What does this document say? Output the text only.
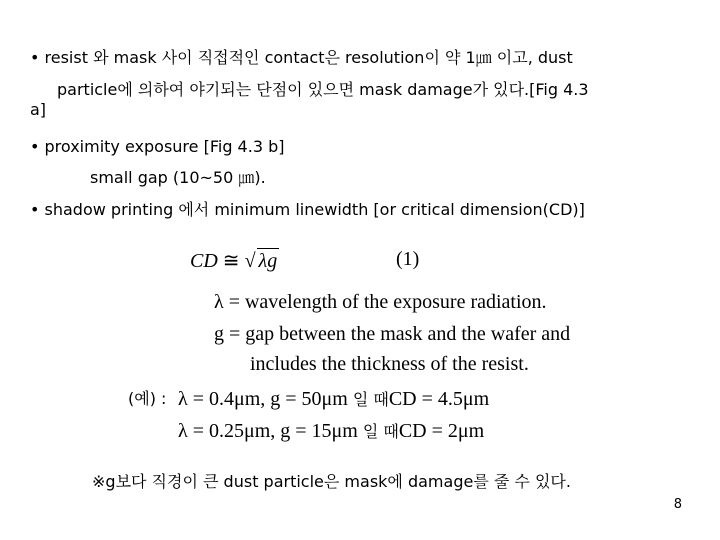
• resist 와 mask 사이 직접적인 contact은 resolution이 약 1㎛ 이고, dust
particle에 의하여 야기되는 단점이 있으면 mask damage가 있다.[Fig 4.3
a]
• proximity exposure [Fig 4.3 b]
small gap (10~50 ㎛).
• shadow printing 에서 minimum linewidth [or critical dimension(CD)]
CD ≅ √ λg	(1)
λ = wavelength of the exposure radiation.
g = gap between the mask and the wafer and
includes the thickness of the resist.
(예) : λ = 0.4μm, g = 50μm 일 때CD = 4.5μm
λ = 0.25μm, g = 15μm 일 때CD = 2μm
※g보다 직경이 큰 dust particle은 mask에 damage를 줄 수 있다.
8
